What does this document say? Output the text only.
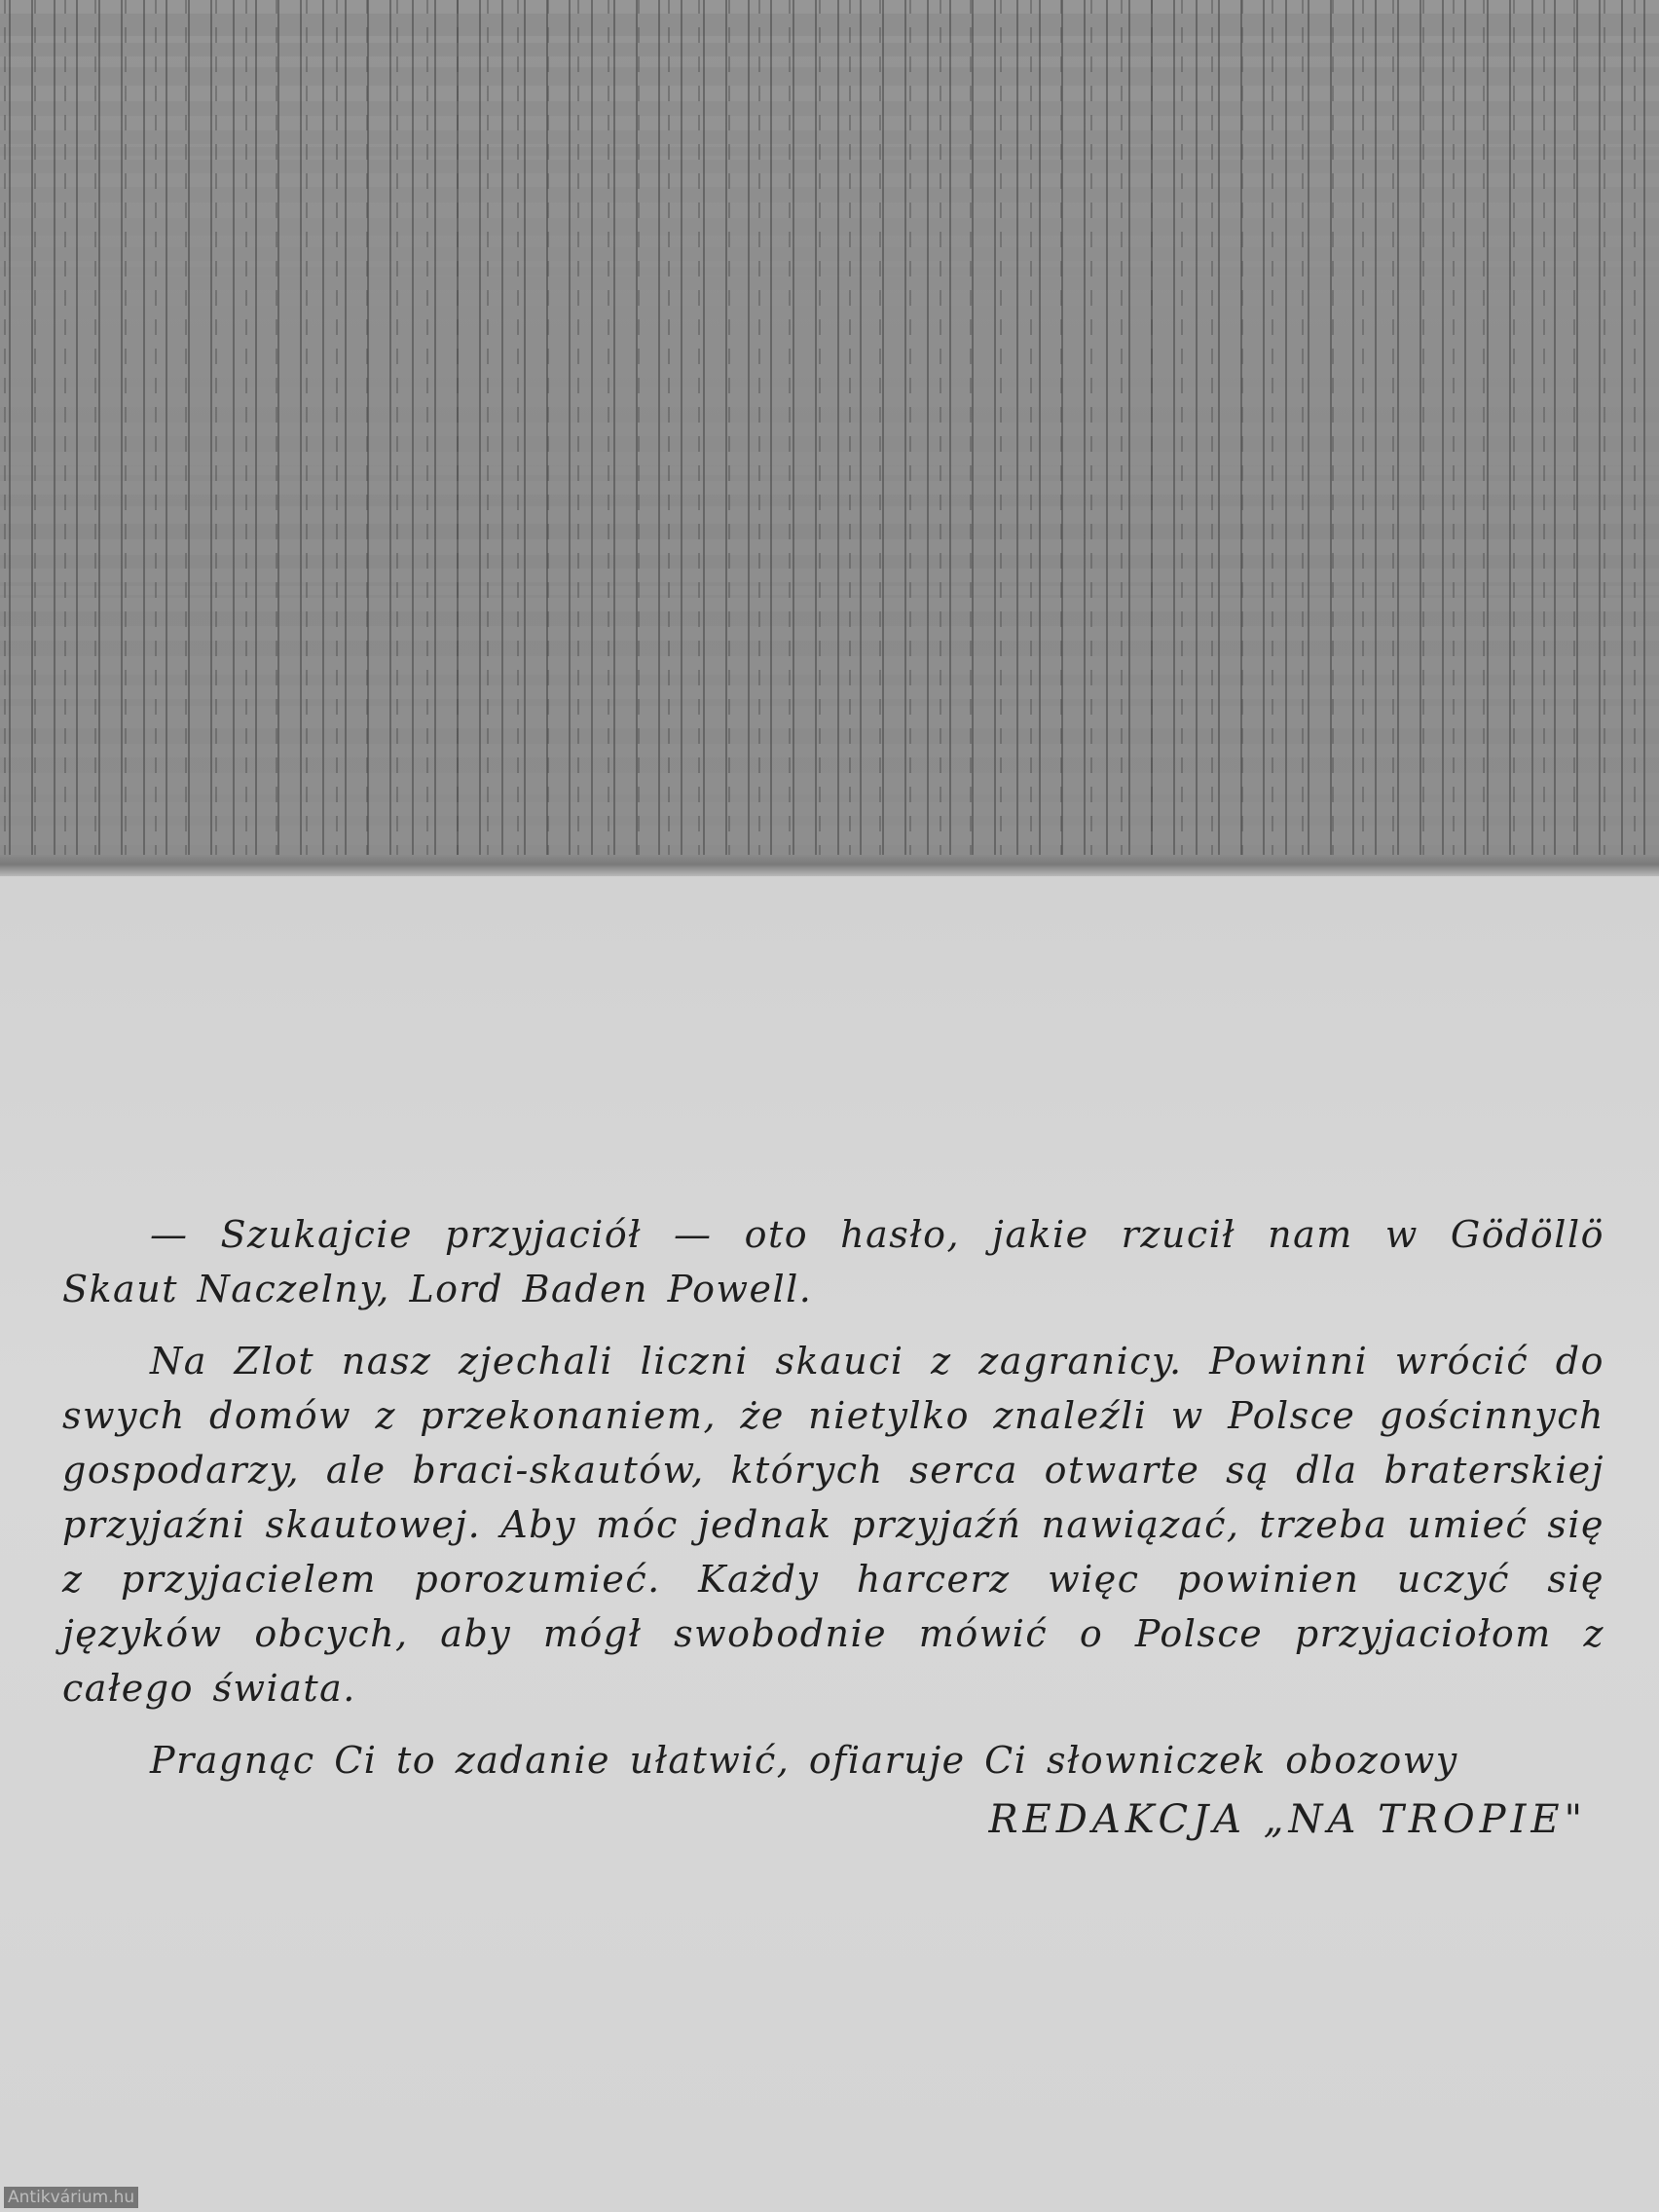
— Szukajcie przyjaciół — oto hasło, jakie rzucił nam w Gödöllö Skaut Naczelny, Lord Baden Powell.

Na Zlot nasz zjechali liczni skauci z zagranicy. Powinni wrócić do swych domów z przekonaniem, że nietylko znaleźli w Polsce gościnnych gospodarzy, ale braci-skautów, których serca otwarte są dla braterskiej przyjaźni skautowej. Aby móc jednak przyjaźń nawiązać, trzeba umieć się z przyjacielem porozumieć. Każdy harcerz więc powinien uczyć się języków obcych, aby mógł swobodnie mówić o Polsce przyjaciołom z całego świata.

Pragnąc Ci to zadanie ułatwić, ofiaruje Ci słowniczek obozowy

REDAKCJA „NA TROPIE"
Antikvárium.hu
